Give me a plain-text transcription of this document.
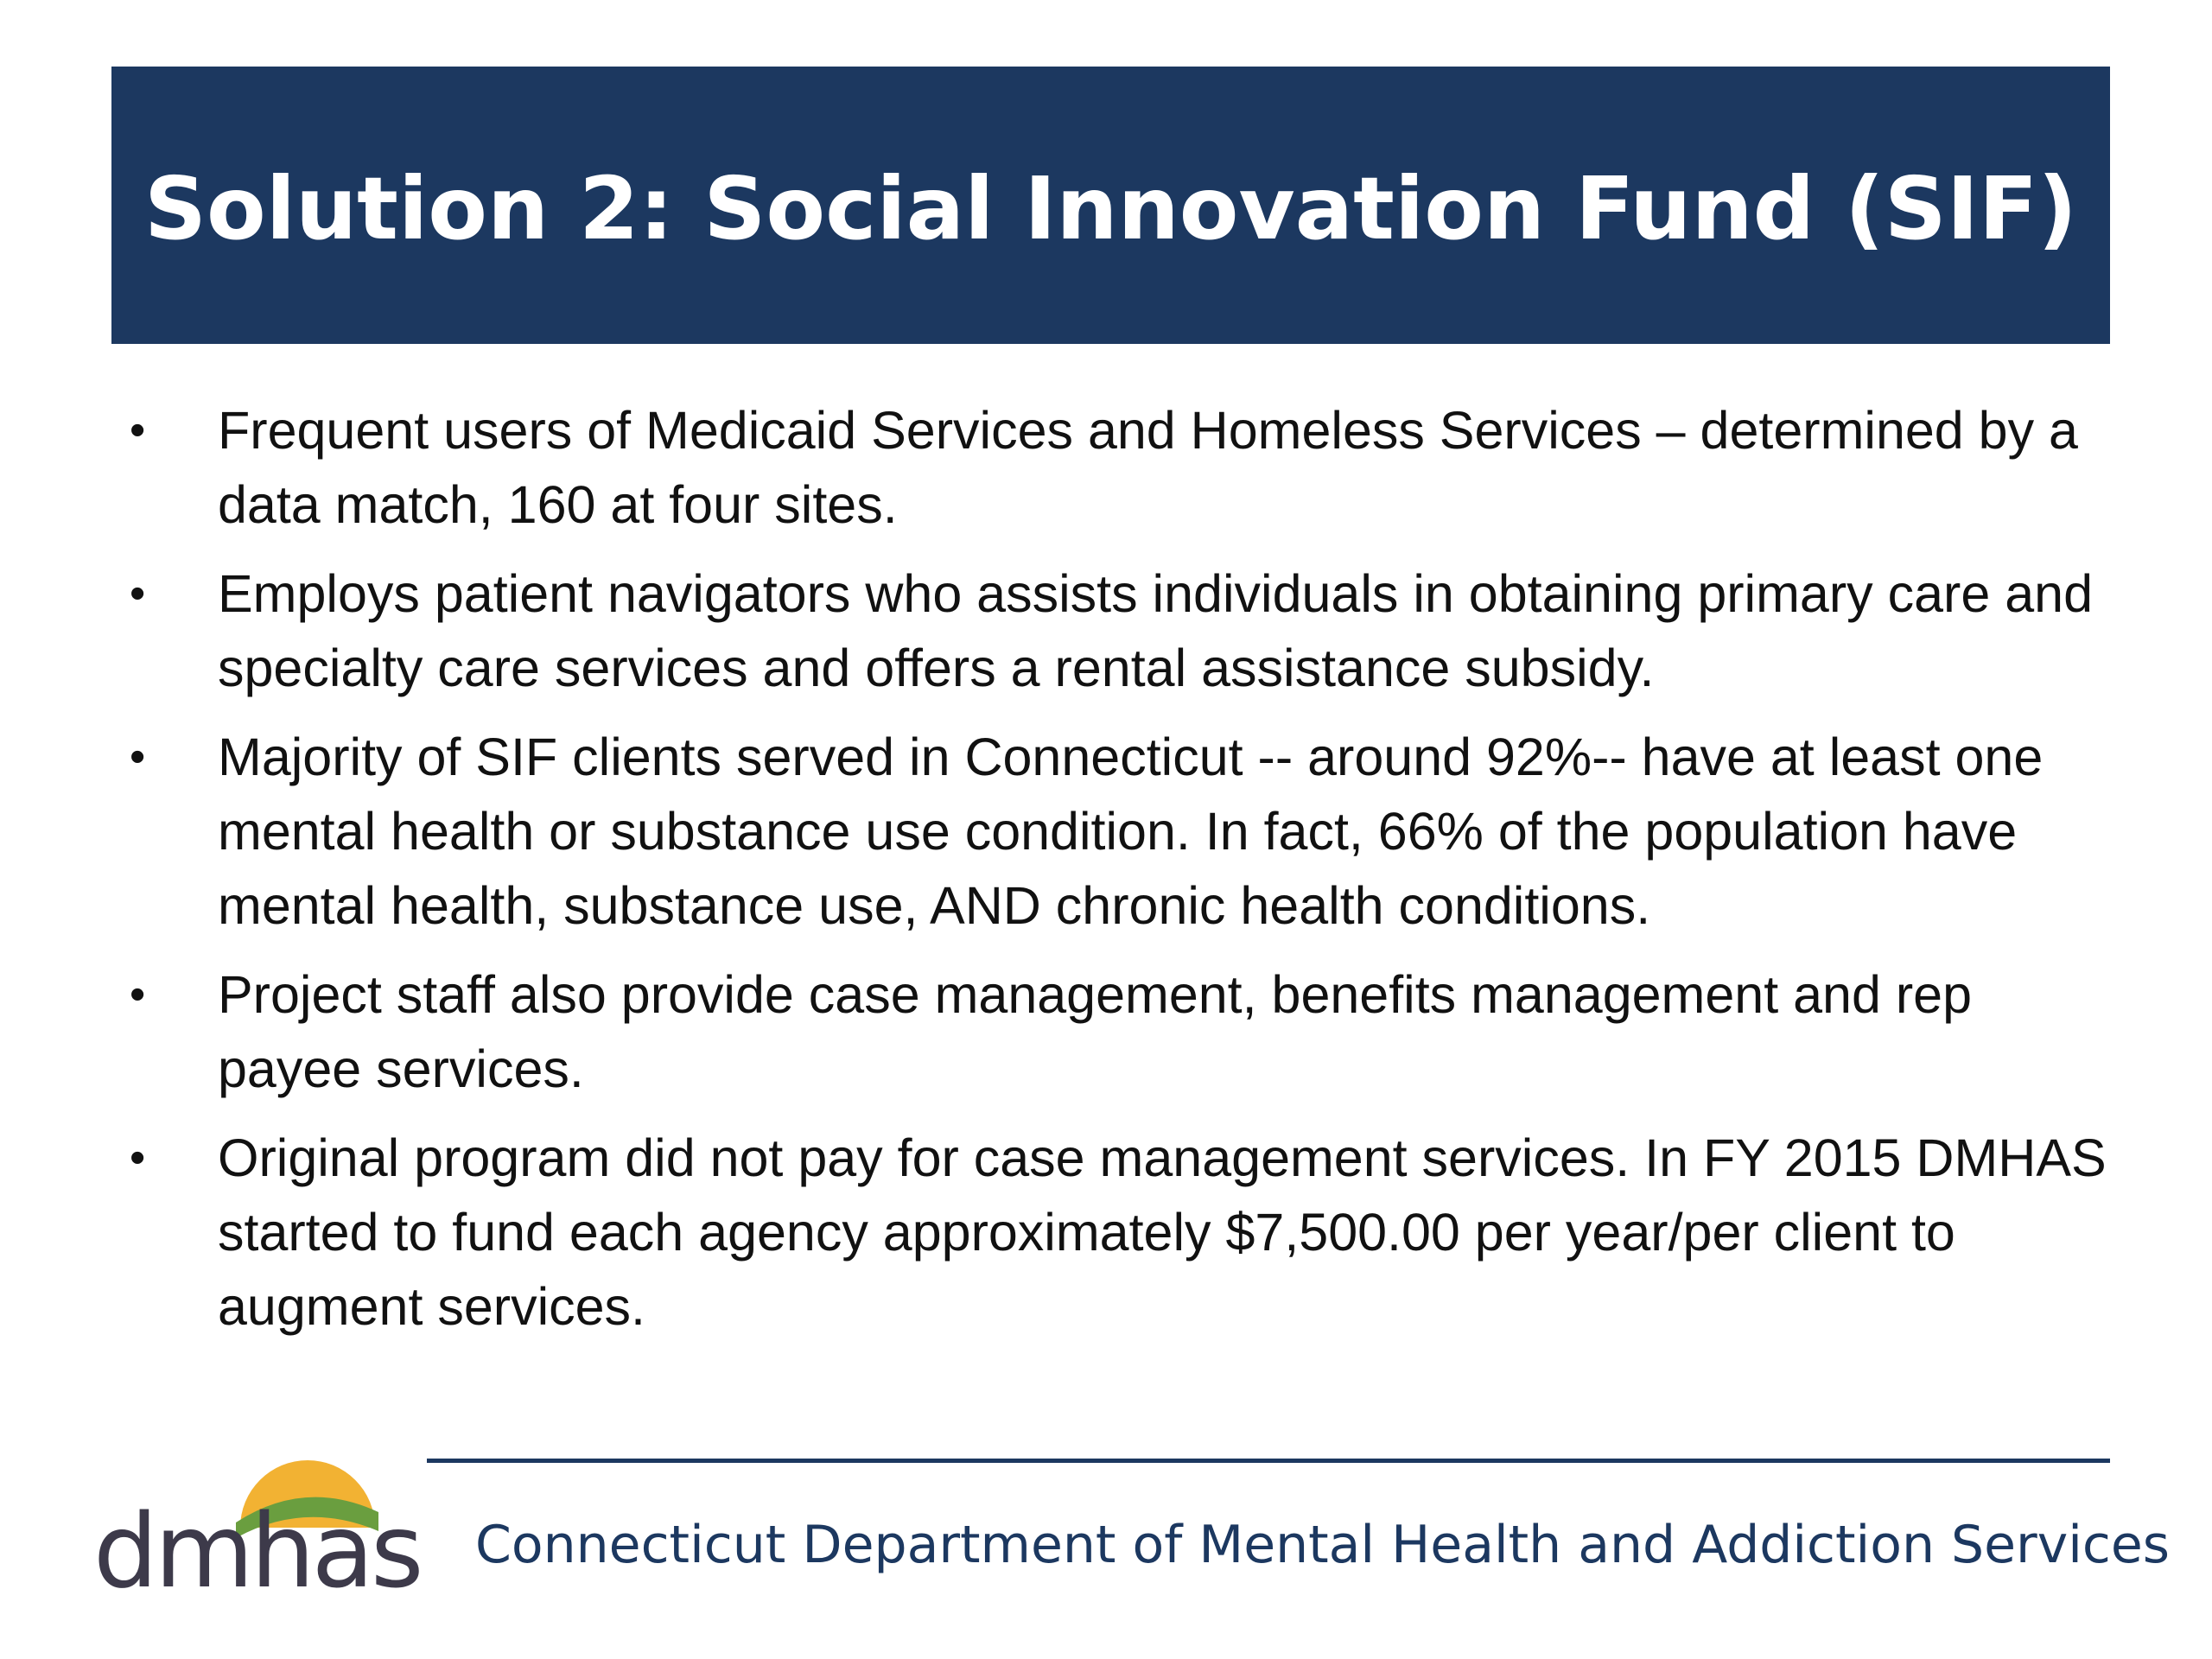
Solution 2: Social Innovation Fund (SIF)
•	Frequent users of Medicaid Services and Homeless Services – determined by a data match, 160 at four sites.
•	Employs patient navigators who assists individuals in obtaining primary care and specialty care services and offers a rental assistance subsidy.
•	Majority of SIF clients served in Connecticut -- around 92%-- have at least one mental health or substance use condition. In fact, 66% of the population have mental health, substance use, AND chronic health conditions.
•	Project staff also provide case management, benefits management and rep payee services.
•	Original program did not pay for case management services. In FY 2015 DMHAS started to fund each agency approximately $7,500.00 per year/per client to augment services.
dmhas Connecticut Department of Mental Health and Addiction Services
